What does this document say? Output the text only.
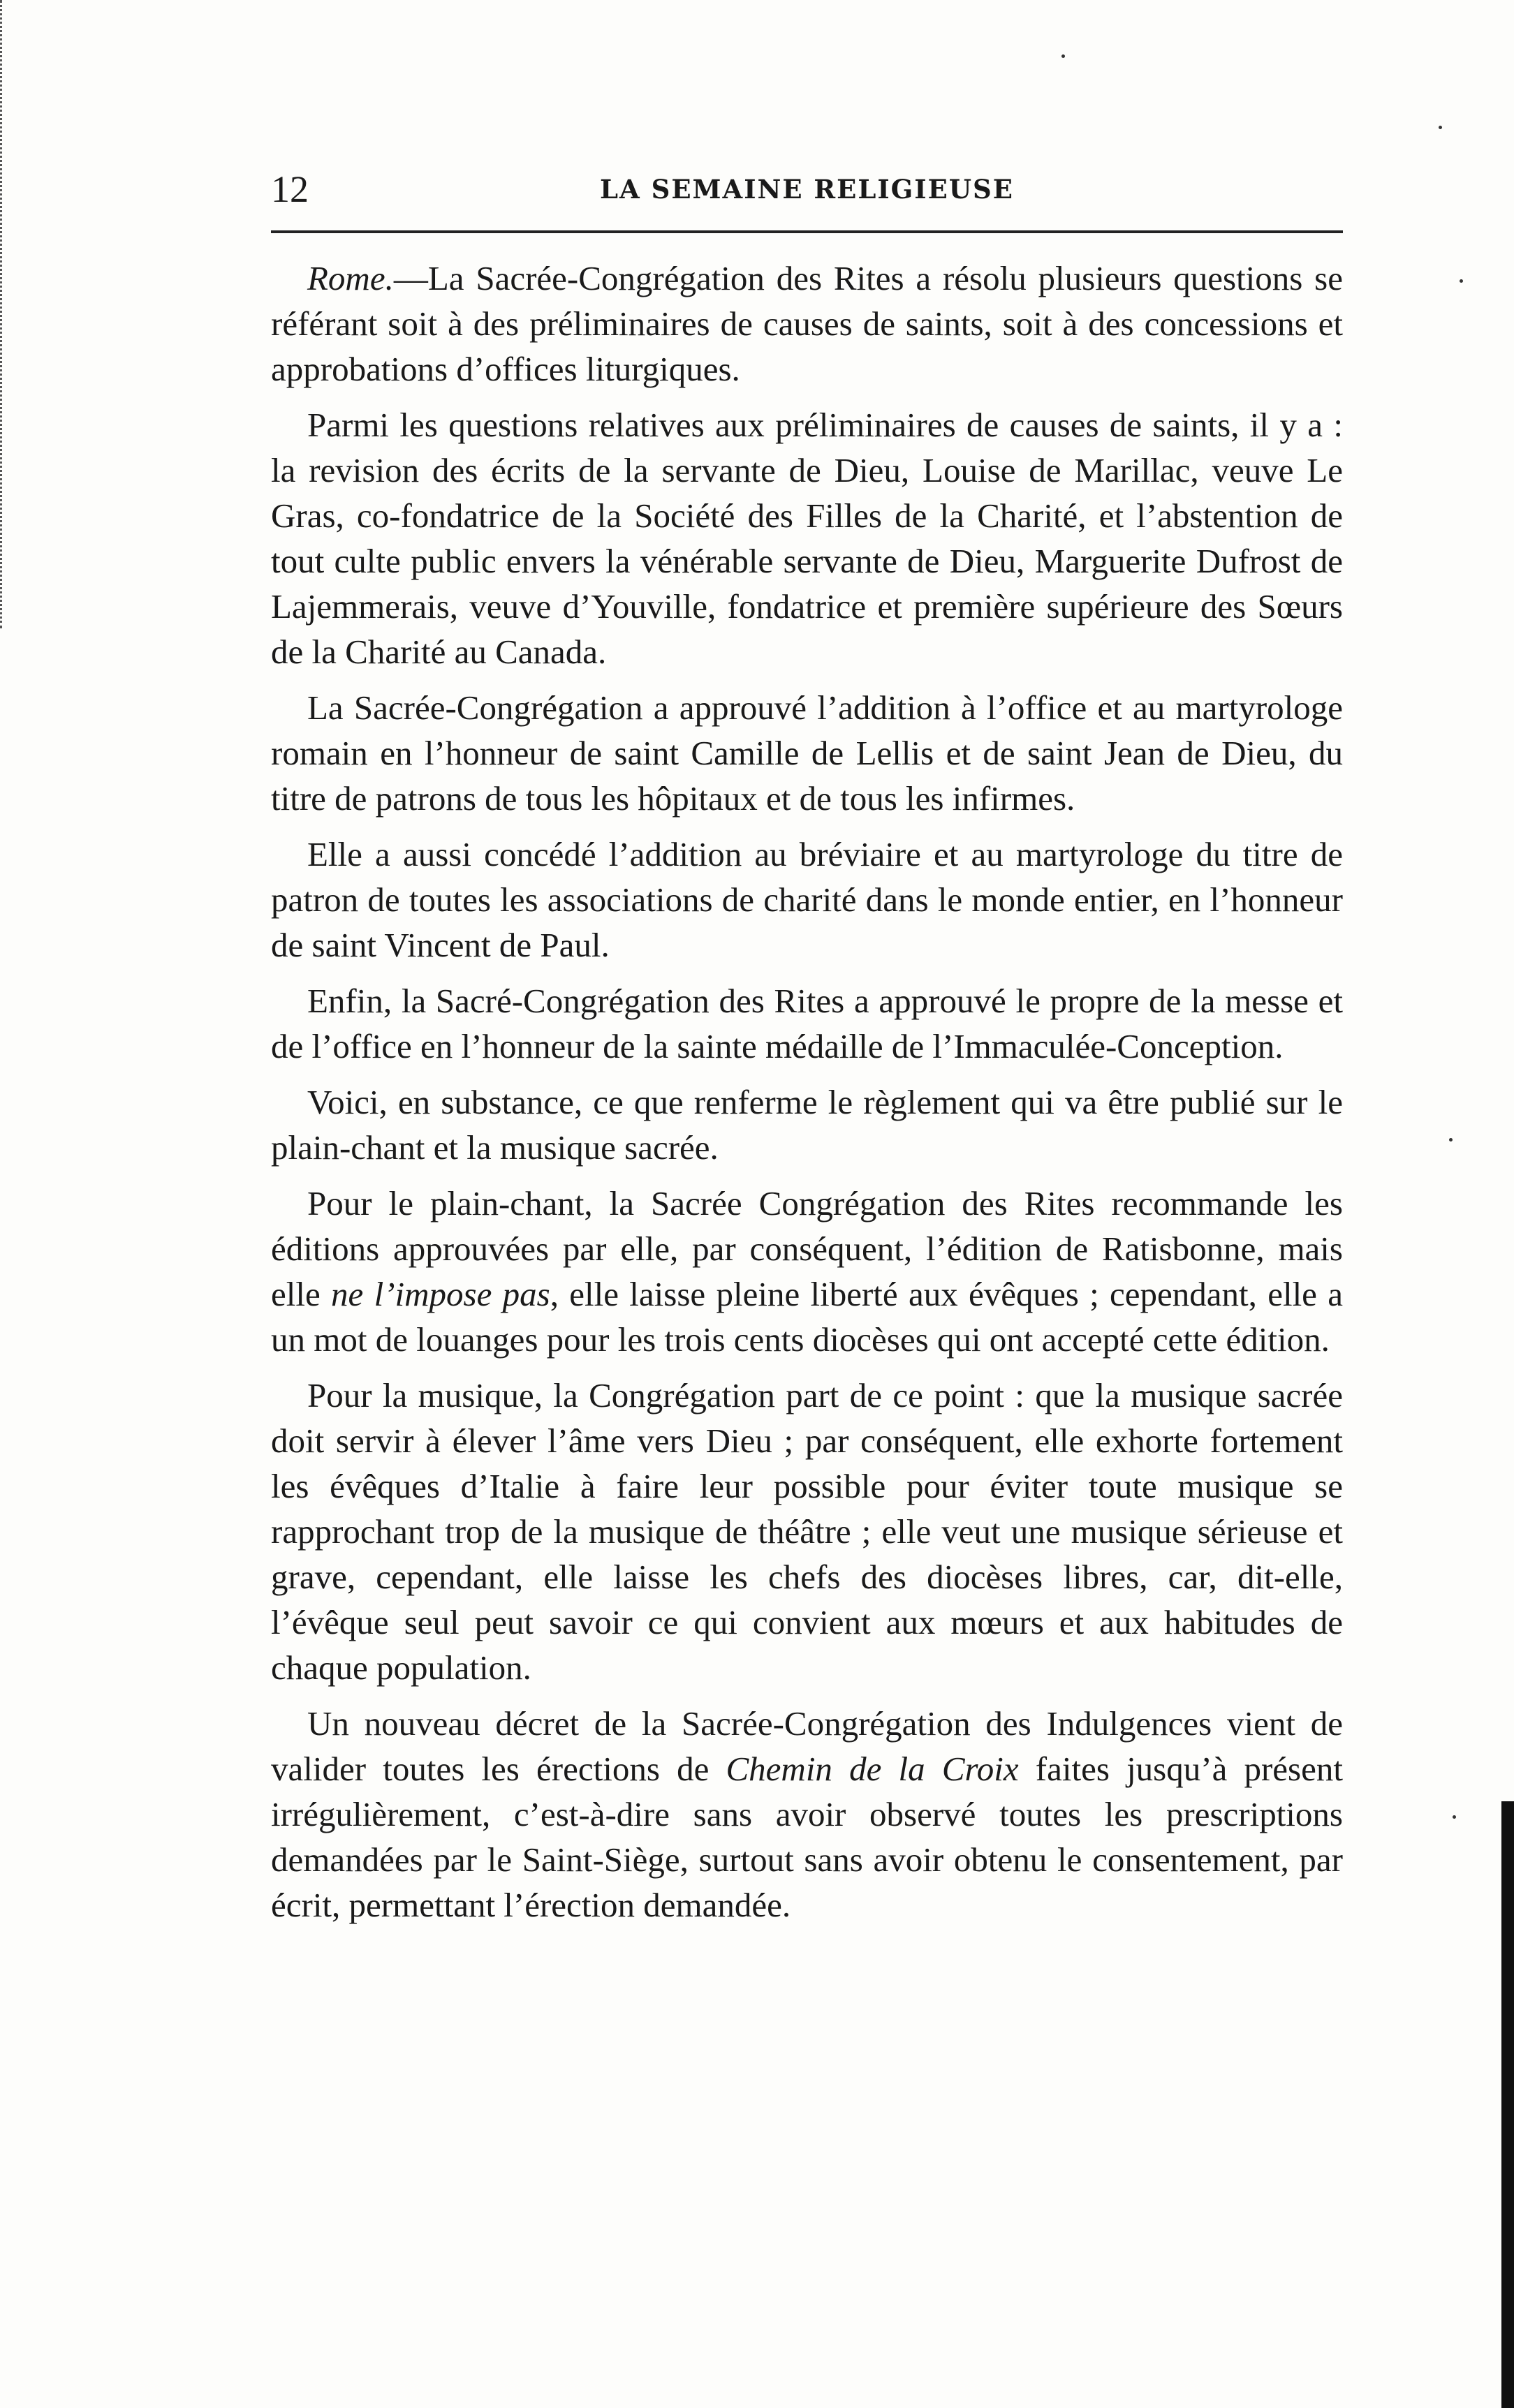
12	LA SEMAINE RELIGIEUSE

Rome.—La Sacrée-Congrégation des Rites a résolu plusieurs questions se référant soit à des préliminaires de causes de saints, soit à des concessions et approbations d’offices liturgiques.

Parmi les questions relatives aux préliminaires de causes de saints, il y a : la revision des écrits de la servante de Dieu, Louise de Marillac, veuve Le Gras, co-fondatrice de la Société des Filles de la Charité, et l’abstention de tout culte public envers la vénérable servante de Dieu, Marguerite Dufrost de Lajemmerais, veuve d’Youville, fondatrice et première supérieure des Sœurs de la Charité au Canada.

La Sacrée-Congrégation a approuvé l’addition à l’office et au martyrologe romain en l’honneur de saint Camille de Lellis et de saint Jean de Dieu, du titre de patrons de tous les hôpitaux et de tous les infirmes.

Elle a aussi concédé l’addition au bréviaire et au martyrologe du titre de patron de toutes les associations de charité dans le monde entier, en l’honneur de saint Vincent de Paul.

Enfin, la Sacré-Congrégation des Rites a approuvé le propre de la messe et de l’office en l’honneur de la sainte médaille de l’Immaculée-Conception.

Voici, en substance, ce que renferme le règlement qui va être publié sur le plain-chant et la musique sacrée.

Pour le plain-chant, la Sacrée Congrégation des Rites recommande les éditions approuvées par elle, par conséquent, l’édition de Ratisbonne, mais elle ne l’impose pas, elle laisse pleine liberté aux évêques ; cependant, elle a un mot de louanges pour les trois cents diocèses qui ont accepté cette édition.

Pour la musique, la Congrégation part de ce point : que la musique sacrée doit servir à élever l’âme vers Dieu ; par conséquent, elle exhorte fortement les évêques d’Italie à faire leur possible pour éviter toute musique se rapprochant trop de la musique de théâtre ; elle veut une musique sérieuse et grave, cependant, elle laisse les chefs des diocèses libres, car, dit-elle, l’évêque seul peut savoir ce qui convient aux mœurs et aux habitudes de chaque population.

Un nouveau décret de la Sacrée-Congrégation des Indulgences vient de valider toutes les érections de Chemin de la Croix faites jusqu’à présent irrégulièrement, c’est-à-dire sans avoir observé toutes les prescriptions demandées par le Saint-Siège, surtout sans avoir obtenu le consentement, par écrit, permettant l’érection demandée.
